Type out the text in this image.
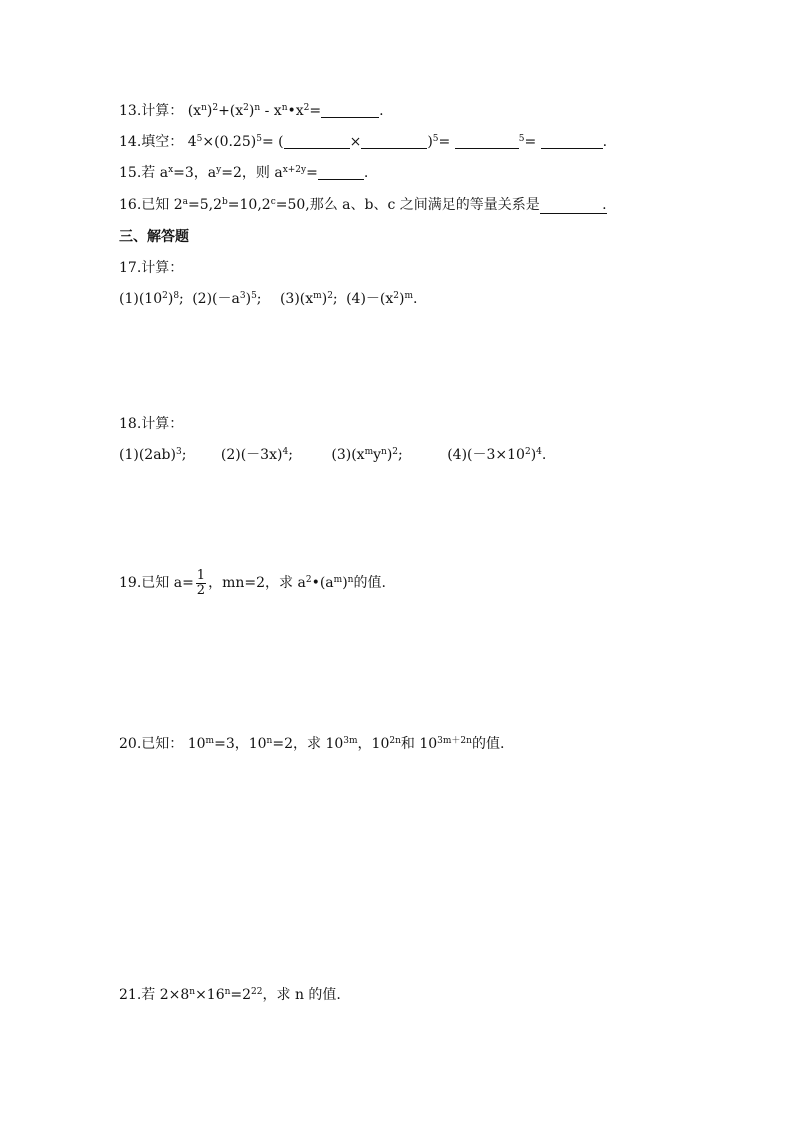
13.计算： $(x^n)^2+(x^2)^n$ - $x^n•x^2=$	.
14.填空： $4^5\times(0.25)^5=$ (	×	)$^5$=	$^5$=	.
15.若 $a^x=3$，$a^y=2$，则 $a^{x+2y}=$	.
16.已知 $2^a=5,2^b=10,2^c=50$,那么 a、b、c 之间满足的等量关系是              .
三、解答题
17.计算：
$(1)(10^2)^8$; $(2)(-a^3)^5$; $(3)(x^m)^2$; $(4)-(x^2)^m$.
18.计算：
$(1)(2ab)^3$; $(2)(-3x)^4$; $(3)(x^my^n)^2$;	$(4)(-3\times 10^2)^4$.
19.已知 $a= \frac{1}{2}$ ，mn=2，求 $a^2•(a^m)^n$的值.
20.已知： $10^m=3$，$10^n=2$，求 $10^{3m}$，$10^{2n}$和 $10^{3m+2n}$的值.
21.若 $2\times 8^n\times 16^n=2^{22}$，求 n 的值.
